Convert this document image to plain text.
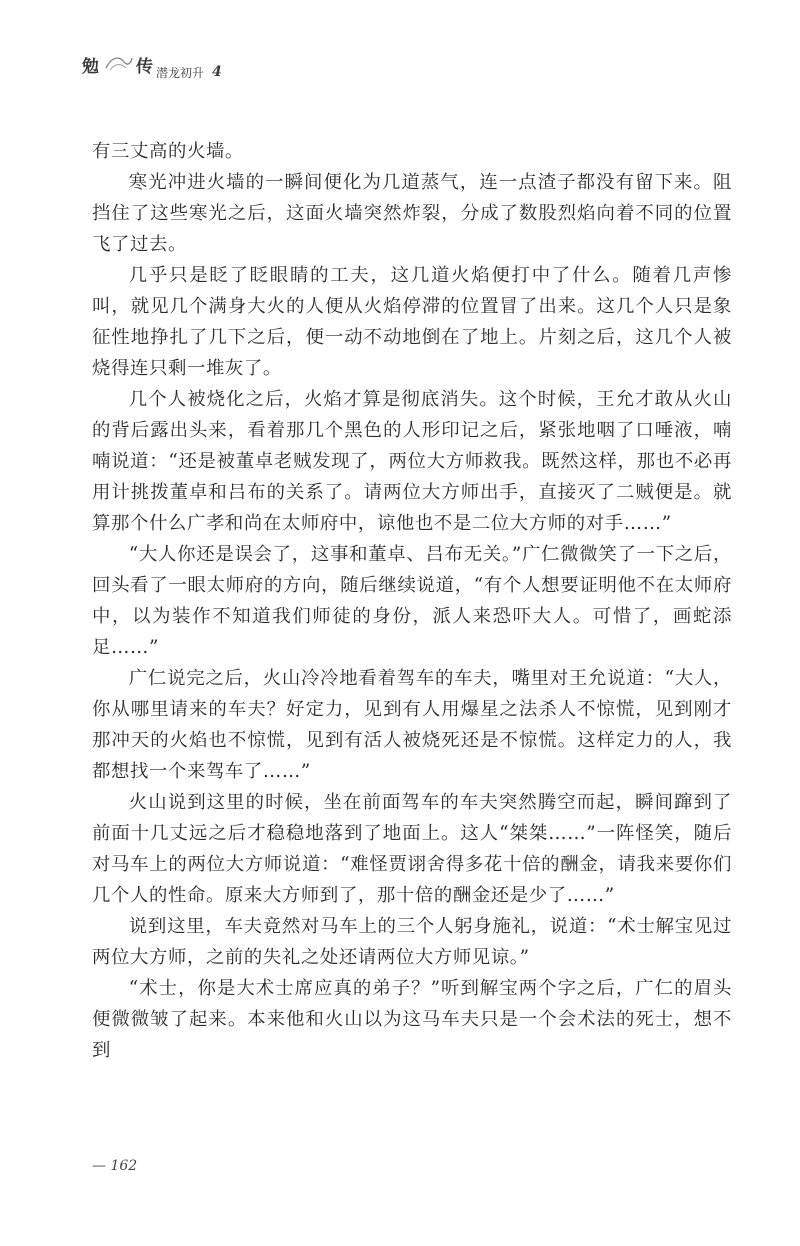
勉 传 潜龙初升 4

有三丈高的火墙。

寒光冲进火墙的一瞬间便化为几道蒸气，连一点渣子都没有留下来。阻挡住了这些寒光之后，这面火墙突然炸裂，分成了数股烈焰向着不同的位置飞了过去。

几乎只是眨了眨眼睛的工夫，这几道火焰便打中了什么。随着几声惨叫，就见几个满身大火的人便从火焰停滞的位置冒了出来。这几个人只是象征性地挣扎了几下之后，便一动不动地倒在了地上。片刻之后，这几个人被烧得连只剩一堆灰了。

几个人被烧化之后，火焰才算是彻底消失。这个时候，王允才敢从火山的背后露出头来，看着那几个黑色的人形印记之后，紧张地咽了口唾液，喃喃说道：“还是被董卓老贼发现了，两位大方师救我。既然这样，那也不必再用计挑拨董卓和吕布的关系了。请两位大方师出手，直接灭了二贼便是。就算那个什么广孝和尚在太师府中，谅他也不是二位大方师的对手……”

“大人你还是误会了，这事和董卓、吕布无关。”广仁微微笑了一下之后，回头看了一眼太师府的方向，随后继续说道，“有个人想要证明他不在太师府中，以为装作不知道我们师徒的身份，派人来恐吓大人。可惜了，画蛇添足……”

广仁说完之后，火山冷冷地看着驾车的车夫，嘴里对王允说道：“大人，你从哪里请来的车夫？好定力，见到有人用爆星之法杀人不惊慌，见到刚才那冲天的火焰也不惊慌，见到有活人被烧死还是不惊慌。这样定力的人，我都想找一个来驾车了……”

火山说到这里的时候，坐在前面驾车的车夫突然腾空而起，瞬间蹿到了前面十几丈远之后才稳稳地落到了地面上。这人“桀桀……”一阵怪笑，随后对马车上的两位大方师说道：“难怪贾诩舍得多花十倍的酬金，请我来要你们几个人的性命。原来大方师到了，那十倍的酬金还是少了……”

说到这里，车夫竟然对马车上的三个人躬身施礼，说道：“术士解宝见过两位大方师，之前的失礼之处还请两位大方师见谅。”

“术士，你是大术士席应真的弟子？”听到解宝两个字之后，广仁的眉头便微微皱了起来。本来他和火山以为这马车夫只是一个会术法的死士，想不到

— 162
